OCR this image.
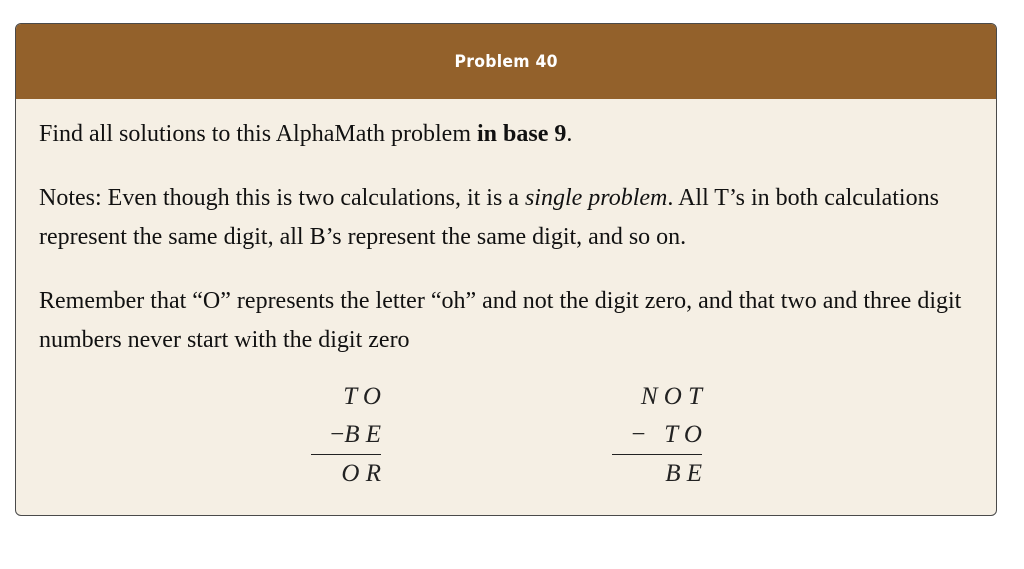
Problem 40

Find all solutions to this AlphaMath problem in base 9.

Notes: Even though this is two calculations, it is a single problem. All T’s in both calculations represent the same digit, all B’s represent the same digit, and so on.

Remember that “O” represents the letter “oh” and not the digit zero, and that two and three digit numbers never start with the digit zero

T O
−B E
O R
N O T
− T O
B E
